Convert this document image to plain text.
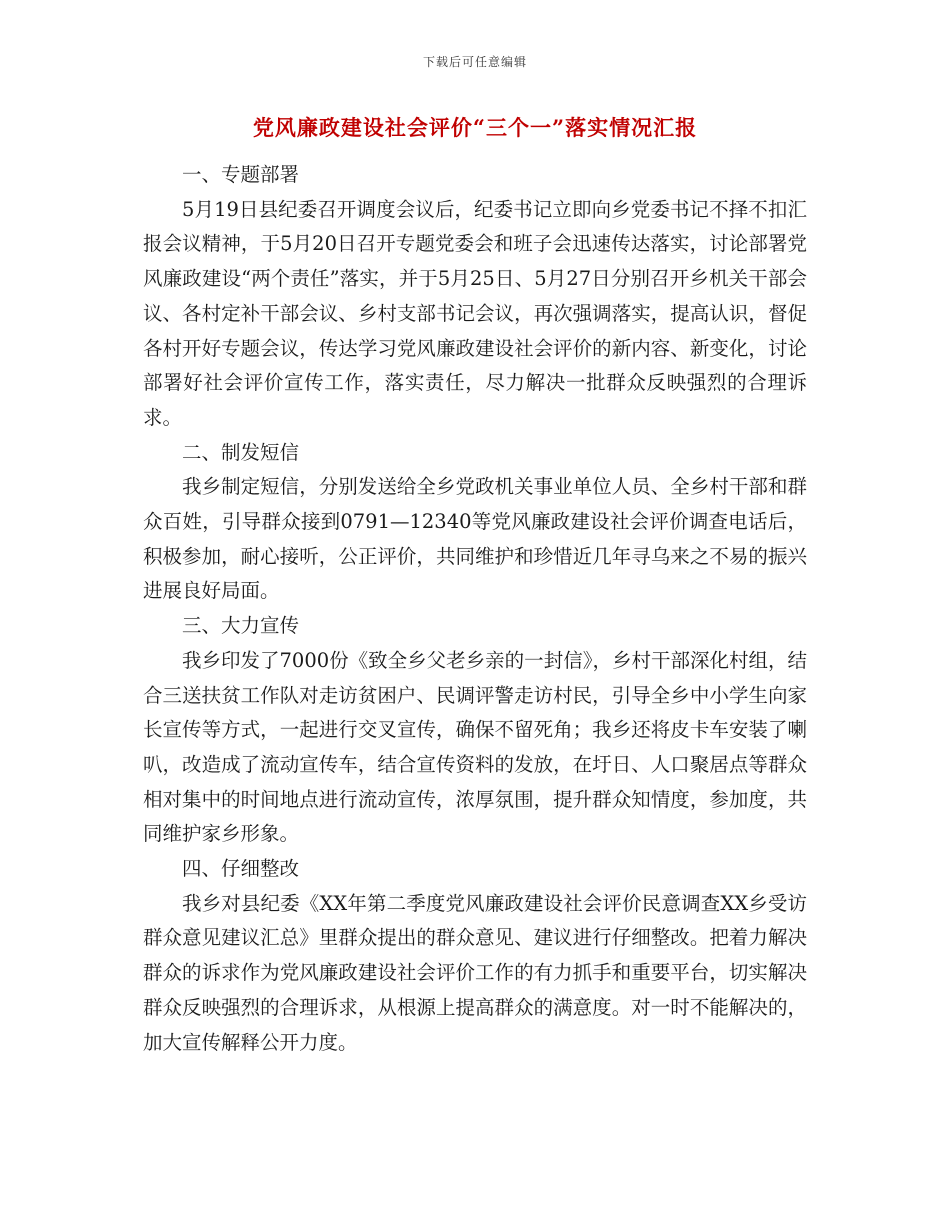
下载后可任意编辑
党风廉政建设社会评价“三个一”落实情况汇报

一、专题部署

5月19日县纪委召开调度会议后，纪委书记立即向乡党委书记不择不扣汇报会议精神，于5月20日召开专题党委会和班子会迅速传达落实，讨论部署党风廉政建设“两个责任”落实，并于5月25日、5月27日分别召开乡机关干部会议、各村定补干部会议、乡村支部书记会议，再次强调落实，提高认识，督促各村开好专题会议，传达学习党风廉政建设社会评价的新内容、新变化，讨论部署好社会评价宣传工作，落实责任，尽力解决一批群众反映强烈的合理诉求。

二、制发短信

我乡制定短信，分别发送给全乡党政机关事业单位人员、全乡村干部和群众百姓，引导群众接到0791—12340等党风廉政建设社会评价调查电话后，积极参加，耐心接听，公正评价，共同维护和珍惜近几年寻乌来之不易的振兴进展良好局面。

三、大力宣传

我乡印发了7000份《致全乡父老乡亲的一封信》，乡村干部深化村组，结合三送扶贫工作队对走访贫困户、民调评警走访村民，引导全乡中小学生向家长宣传等方式，一起进行交叉宣传，确保不留死角；我乡还将皮卡车安装了喇叭，改造成了流动宣传车，结合宣传资料的发放，在圩日、人口聚居点等群众相对集中的时间地点进行流动宣传，浓厚氛围，提升群众知情度，参加度，共同维护家乡形象。

四、仔细整改

我乡对县纪委《XX年第二季度党风廉政建设社会评价民意调查XX乡受访群众意见建议汇总》里群众提出的群众意见、建议进行仔细整改。把着力解决群众的诉求作为党风廉政建设社会评价工作的有力抓手和重要平台，切实解决群众反映强烈的合理诉求，从根源上提高群众的满意度。对一时不能解决的，加大宣传解释公开力度。
